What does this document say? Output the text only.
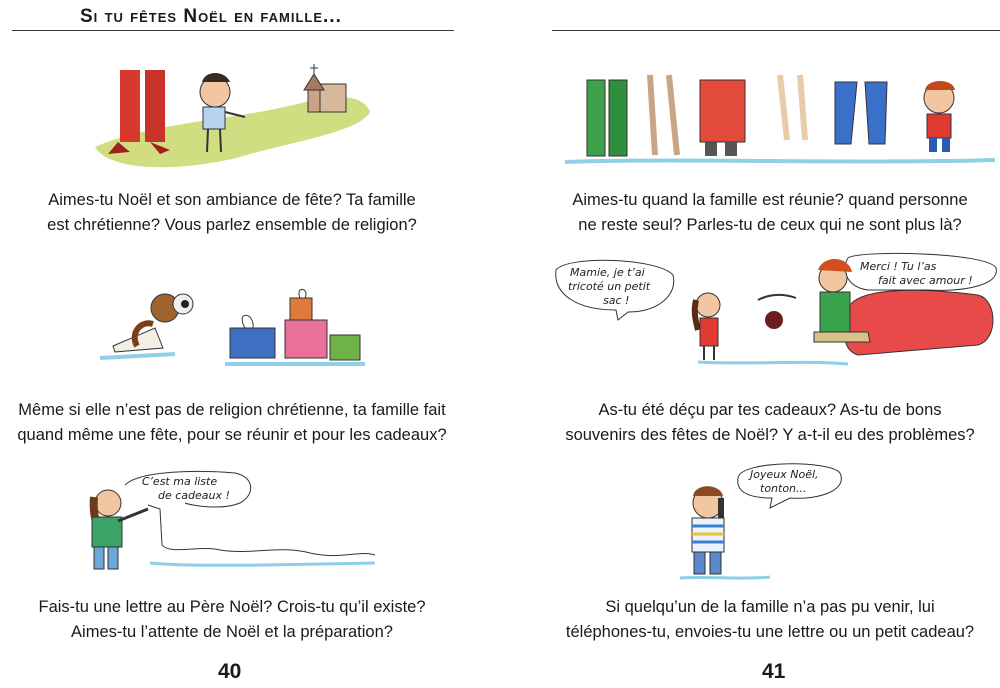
Si tu fêtes Noël en famille...
Aimes-tu Noël et son ambiance de fête? Ta famille
est chrétienne? Vous parlez ensemble de religion?
Même si elle n’est pas de religion chrétienne, ta famille fait
quand même une fête, pour se réunir et pour les cadeaux?
C’est ma liste
de cadeaux !
Fais-tu une lettre au Père Noël? Crois-tu qu’il existe?
Aimes-tu l’attente de Noël et la préparation?
40
Aimes-tu quand la famille est réunie? quand personne
ne reste seul? Parles-tu de ceux qui ne sont plus là?
Mamie, je t’ai
tricoté un petit
sac !
Merci ! Tu l’as
fait avec amour !
As-tu été déçu par tes cadeaux? As-tu de bons
souvenirs des fêtes de Noël? Y a-t-il eu des problèmes?
Joyeux Noël,
tonton...
Si quelqu’un de la famille n’a pas pu venir, lui
téléphones-tu, envoies-tu une lettre ou un petit cadeau?
41
